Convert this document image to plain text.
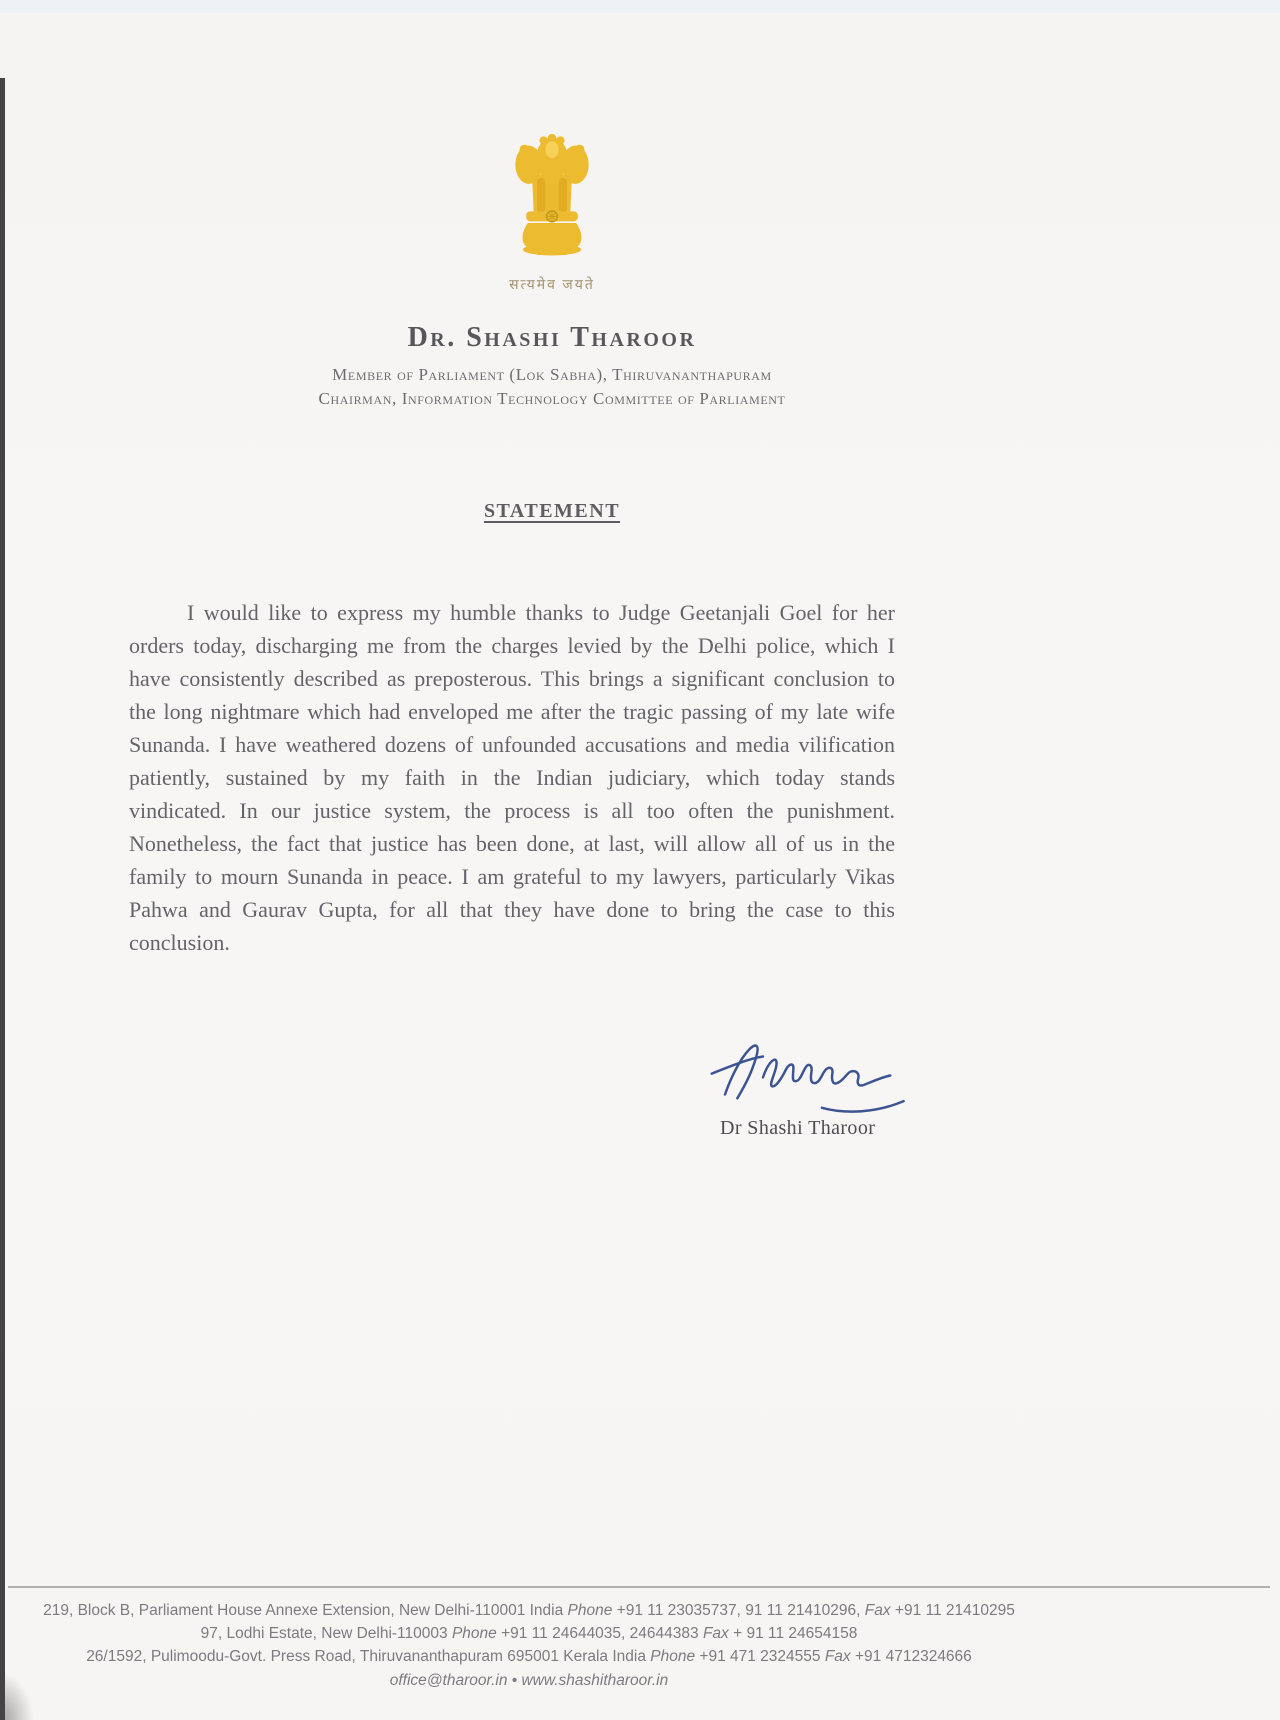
सत्यमेव जयते
Dr. Shashi Tharoor
Member of Parliament (Lok Sabha), Thiruvananthapuram
Chairman, Information Technology Committee of Parliament
STATEMENT
I would like to express my humble thanks to Judge Geetanjali Goel for her orders today, discharging me from the charges levied by the Delhi police, which I have consistently described as preposterous. This brings a significant conclusion to the long nightmare which had enveloped me after the tragic passing of my late wife Sunanda. I have weathered dozens of unfounded accusations and media vilification patiently, sustained by my faith in the Indian judiciary, which today stands vindicated. In our justice system, the process is all too often the punishment. Nonetheless, the fact that justice has been done, at last, will allow all of us in the family to mourn Sunanda in peace. I am grateful to my lawyers, particularly Vikas Pahwa and Gaurav Gupta, for all that they have done to bring the case to this conclusion.
Dr Shashi Tharoor
219, Block B, Parliament House Annexe Extension, New Delhi-110001 India Phone +91 11 23035737, 91 11 21410296, Fax +91 11 21410295
97, Lodhi Estate, New Delhi-110003 Phone +91 11 24644035, 24644383 Fax + 91 11 24654158
26/1592, Pulimoodu-Govt. Press Road, Thiruvananthapuram 695001 Kerala India Phone +91 471 2324555 Fax +91 4712324666
office@tharoor.in • www.shashitharoor.in
